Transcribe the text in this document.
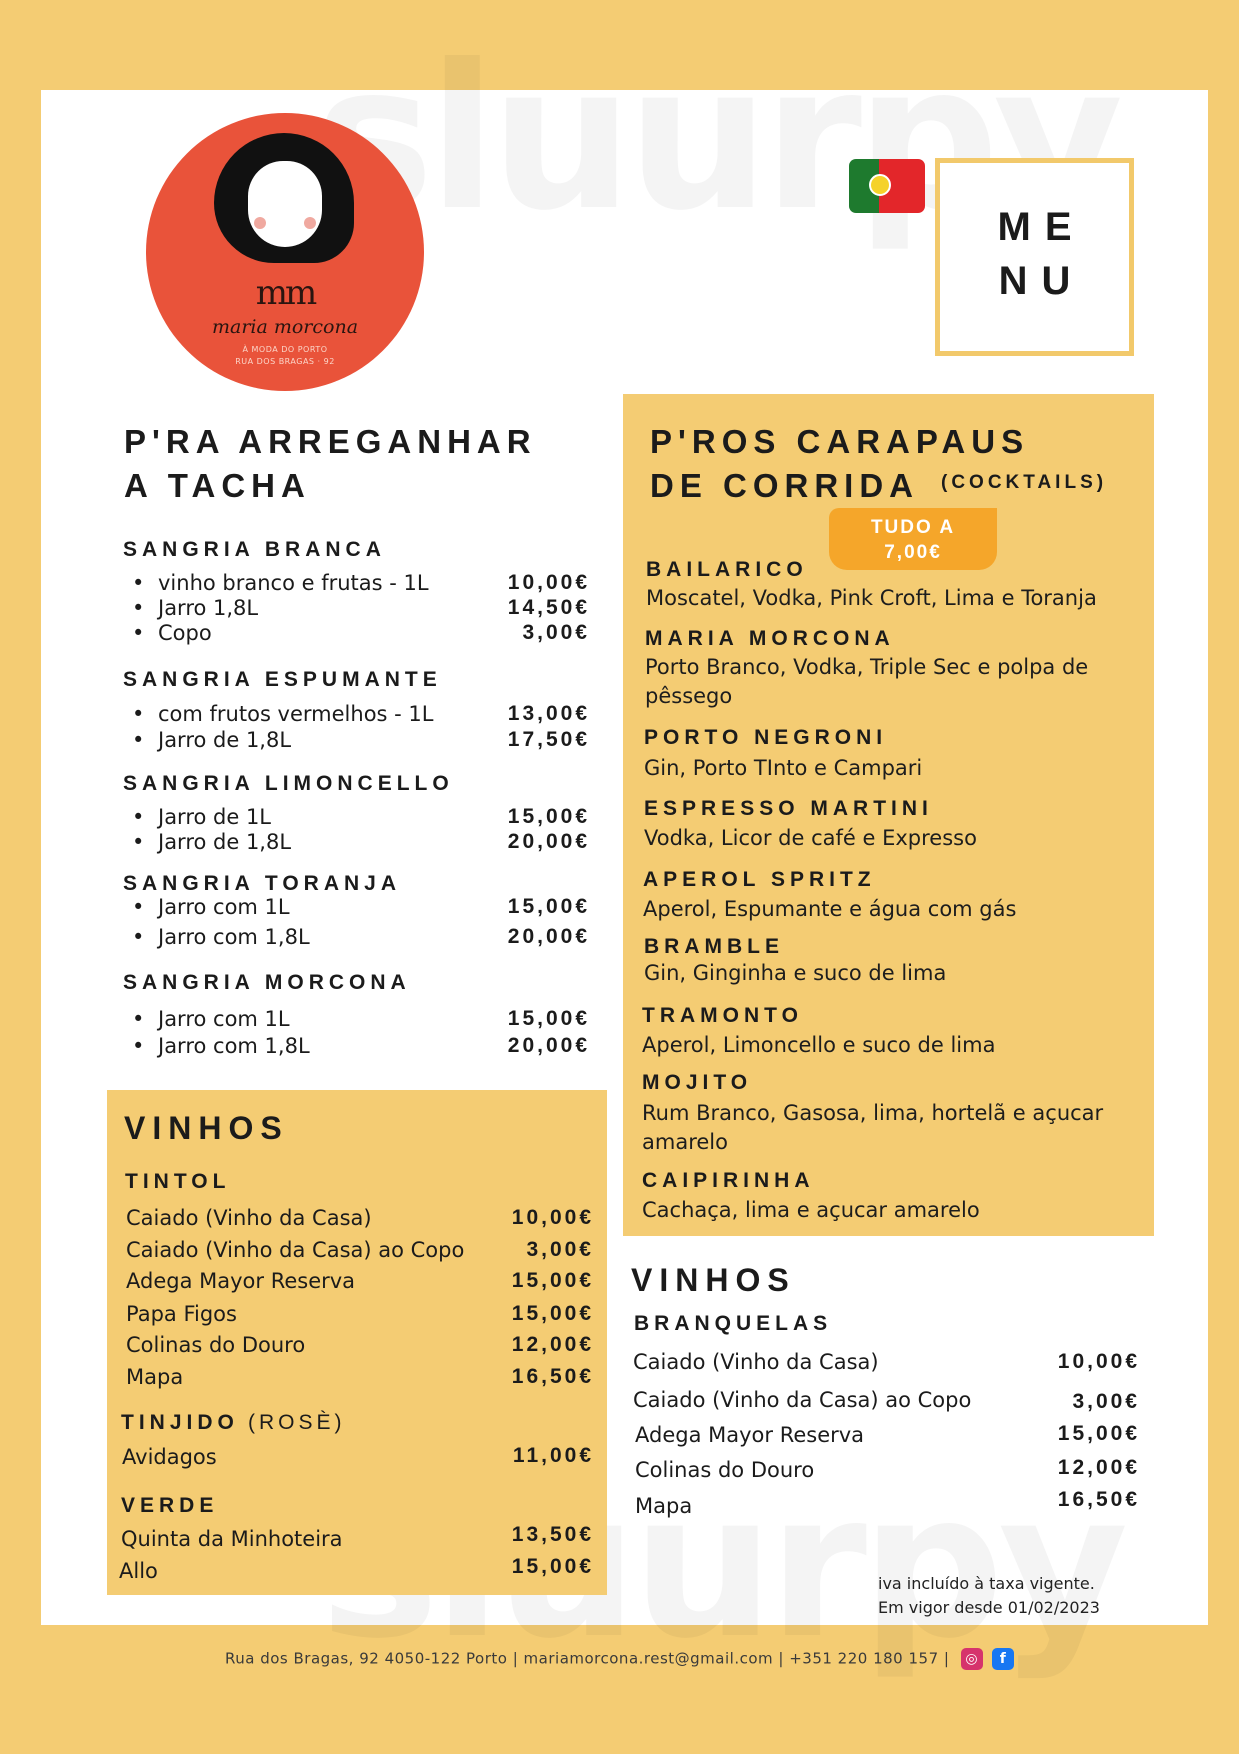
mm
maria morcona
À MODA DO PORTO
RUA DOS BRAGAS · 92
ME
NU
P'RA ARREGANHAR
A TACHA
SANGRIA BRANCA
• vinho branco e frutas - 1L	10,00€
• Jarro 1,8L	14,50€
• Copo	3,00€
SANGRIA ESPUMANTE
• com frutos vermelhos - 1L	13,00€
• Jarro de 1,8L	17,50€
SANGRIA LIMONCELLO
• Jarro de 1L	15,00€
• Jarro de 1,8L	20,00€
SANGRIA TORANJA
• Jarro com 1L	15,00€
• Jarro com 1,8L	20,00€
SANGRIA MORCONA
• Jarro com 1L	15,00€
• Jarro com 1,8L	20,00€
VINHOS
TINTOL
Caiado (Vinho da Casa)	10,00€
Caiado (Vinho da Casa) ao Copo	3,00€
Adega Mayor Reserva	15,00€
Papa Figos	15,00€
Colinas do Douro	12,00€
Mapa	16,50€
TINJIDO (ROSÈ)
Avidagos	11,00€
VERDE
Quinta da Minhoteira	13,50€
Allo	15,00€
P'ROS CARAPAUS
DE CORRIDA (COCKTAILS)
TUDO A
7,00€
BAILARICO
Moscatel, Vodka, Pink Croft, Lima e Toranja
MARIA MORCONA
Porto Branco, Vodka, Triple Sec e polpa de pêssego
PORTO NEGRONI
Gin, Porto TInto e Campari
ESPRESSO MARTINI
Vodka, Licor de café e Expresso
APEROL SPRITZ
Aperol, Espumante e água com gás
BRAMBLE
Gin, Ginginha e suco de lima
TRAMONTO
Aperol, Limoncello e suco de lima
MOJITO
Rum Branco, Gasosa, lima, hortelã e açucar amarelo
CAIPIRINHA
Cachaça, lima e açucar amarelo
VINHOS
BRANQUELAS
Caiado (Vinho da Casa)	10,00€
Caiado (Vinho da Casa) ao Copo	3,00€
Adega Mayor Reserva	15,00€
Colinas do Douro	12,00€
Mapa	16,50€
iva incluído à taxa vigente.
Em vigor desde 01/02/2023
Rua dos Bragas, 92 4050-122 Porto | mariamorcona.rest@gmail.com | +351 220 180 157 | ◎ f
